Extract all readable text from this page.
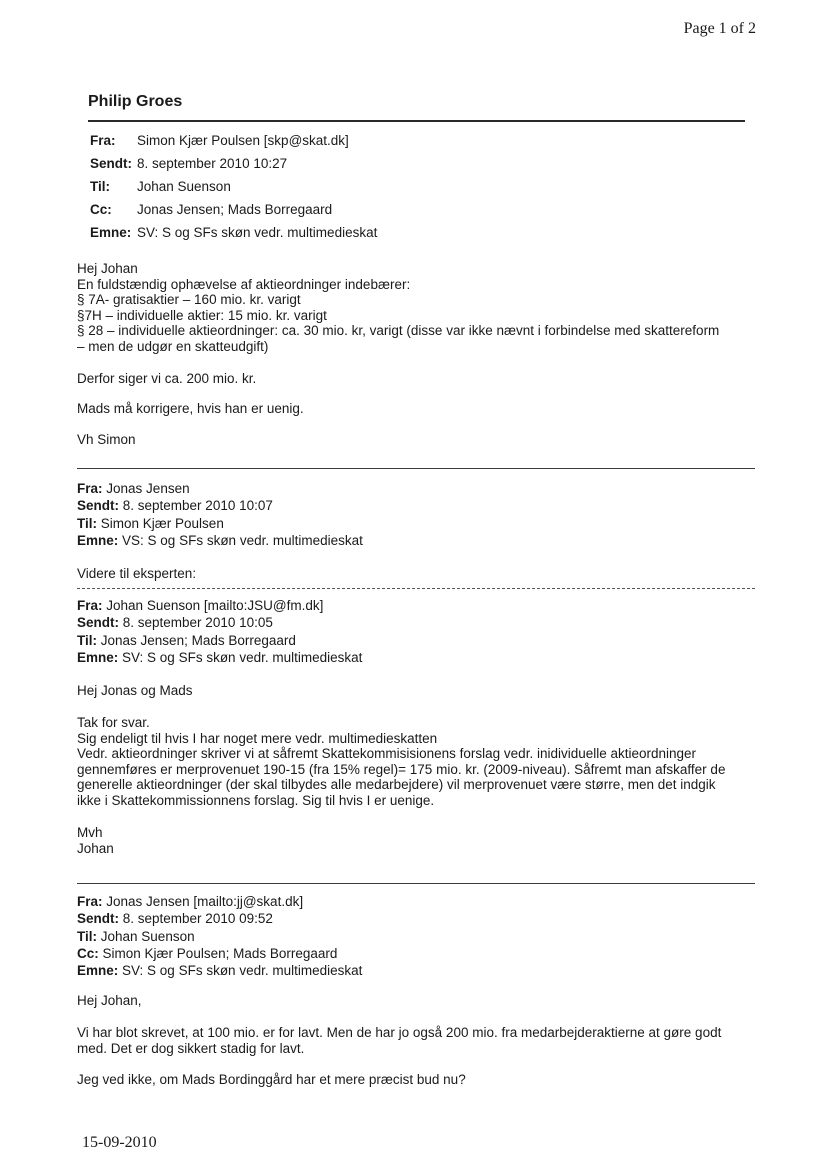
Page 1 of 2
Philip Groes
Fra:	Simon Kjær Poulsen [skp@skat.dk]
Sendt: 8. september 2010 10:27
Til:	Johan Suenson
Cc:	Jonas Jensen; Mads Borregaard
Emne: SV: S og SFs skøn vedr. multimedieskat
Hej Johan
En fuldstændig ophævelse af aktieordninger indebærer:
§ 7A- gratisaktier – 160 mio. kr. varigt
§7H – individuelle aktier: 15 mio. kr. varigt
§ 28 – individuelle aktieordninger: ca. 30 mio. kr, varigt (disse var ikke nævnt i forbindelse med skattereform
– men de udgør en skatteudgift)
Derfor siger vi ca. 200 mio. kr.
Mads må korrigere, hvis han er uenig.
Vh Simon
Fra: Jonas Jensen
Sendt: 8. september 2010 10:07
Til: Simon Kjær Poulsen
Emne: VS: S og SFs skøn vedr. multimedieskat
Videre til eksperten:
Fra: Johan Suenson [mailto:JSU@fm.dk]
Sendt: 8. september 2010 10:05
Til: Jonas Jensen; Mads Borregaard
Emne: SV: S og SFs skøn vedr. multimedieskat
Hej Jonas og Mads
Tak for svar.
Sig endeligt til hvis I har noget mere vedr. multimedieskatten
Vedr. aktieordninger skriver vi at såfremt Skattekommisisionens forslag vedr. inidividuelle aktieordninger
gennemføres er merprovenuet 190-15 (fra 15% regel)= 175 mio. kr. (2009-niveau). Såfremt man afskaffer de
generelle aktieordninger (der skal tilbydes alle medarbejdere) vil merprovenuet være større, men det indgik
ikke i Skattekommissionnens forslag. Sig til hvis I er uenige.
Mvh
Johan
Fra: Jonas Jensen [mailto:jj@skat.dk]
Sendt: 8. september 2010 09:52
Til: Johan Suenson
Cc: Simon Kjær Poulsen; Mads Borregaard
Emne: SV: S og SFs skøn vedr. multimedieskat
Hej Johan,
Vi har blot skrevet, at 100 mio. er for lavt. Men de har jo også 200 mio. fra medarbejderaktierne at gøre godt
med. Det er dog sikkert stadig for lavt.
Jeg ved ikke, om Mads Bordinggård har et mere præcist bud nu?
15-09-2010
